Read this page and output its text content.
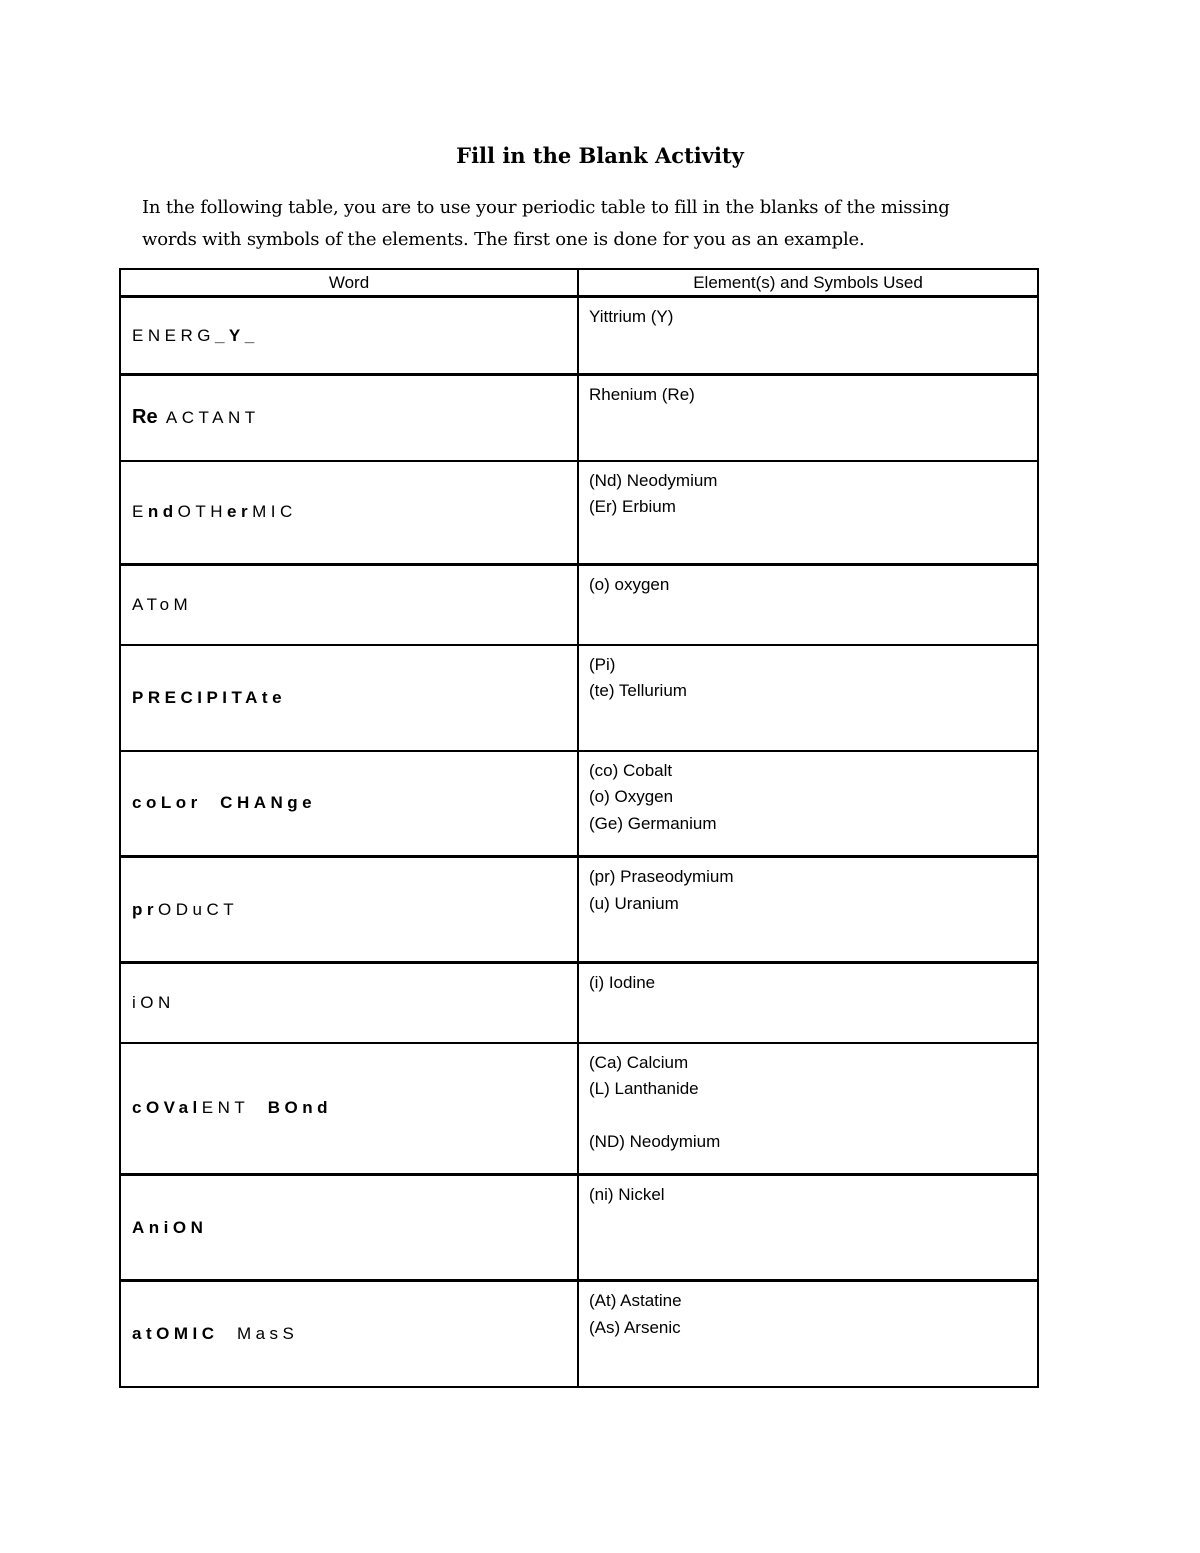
Fill in the Blank Activity
In the following table, you are to use your periodic table to fill in the blanks of the missing
words with symbols of the elements. The first one is done for you as an example.
Word	Element(s) and Symbols Used
ENERG_Y_	Yittrium (Y)

Re ACTANT	Rhenium (Re)

EndOTHerMIC	(Nd) Neodymium
(Er) Erbium

AToM	(o) oxygen

PRECIPITAte	(Pi)
(te) Tellurium

coLor  CHANge	(co) Cobalt
(o) Oxygen
(Ge) Germanium

prODuCT	(pr) Praseodymium
(u) Uranium

iON	(i) Iodine

cOValENT  BOnd	(Ca) Calcium
(L) Lanthanide
(ND) Neodymium

AniON	(ni) Nickel

atOMIC  MasS	(At) Astatine
(As) Arsenic
